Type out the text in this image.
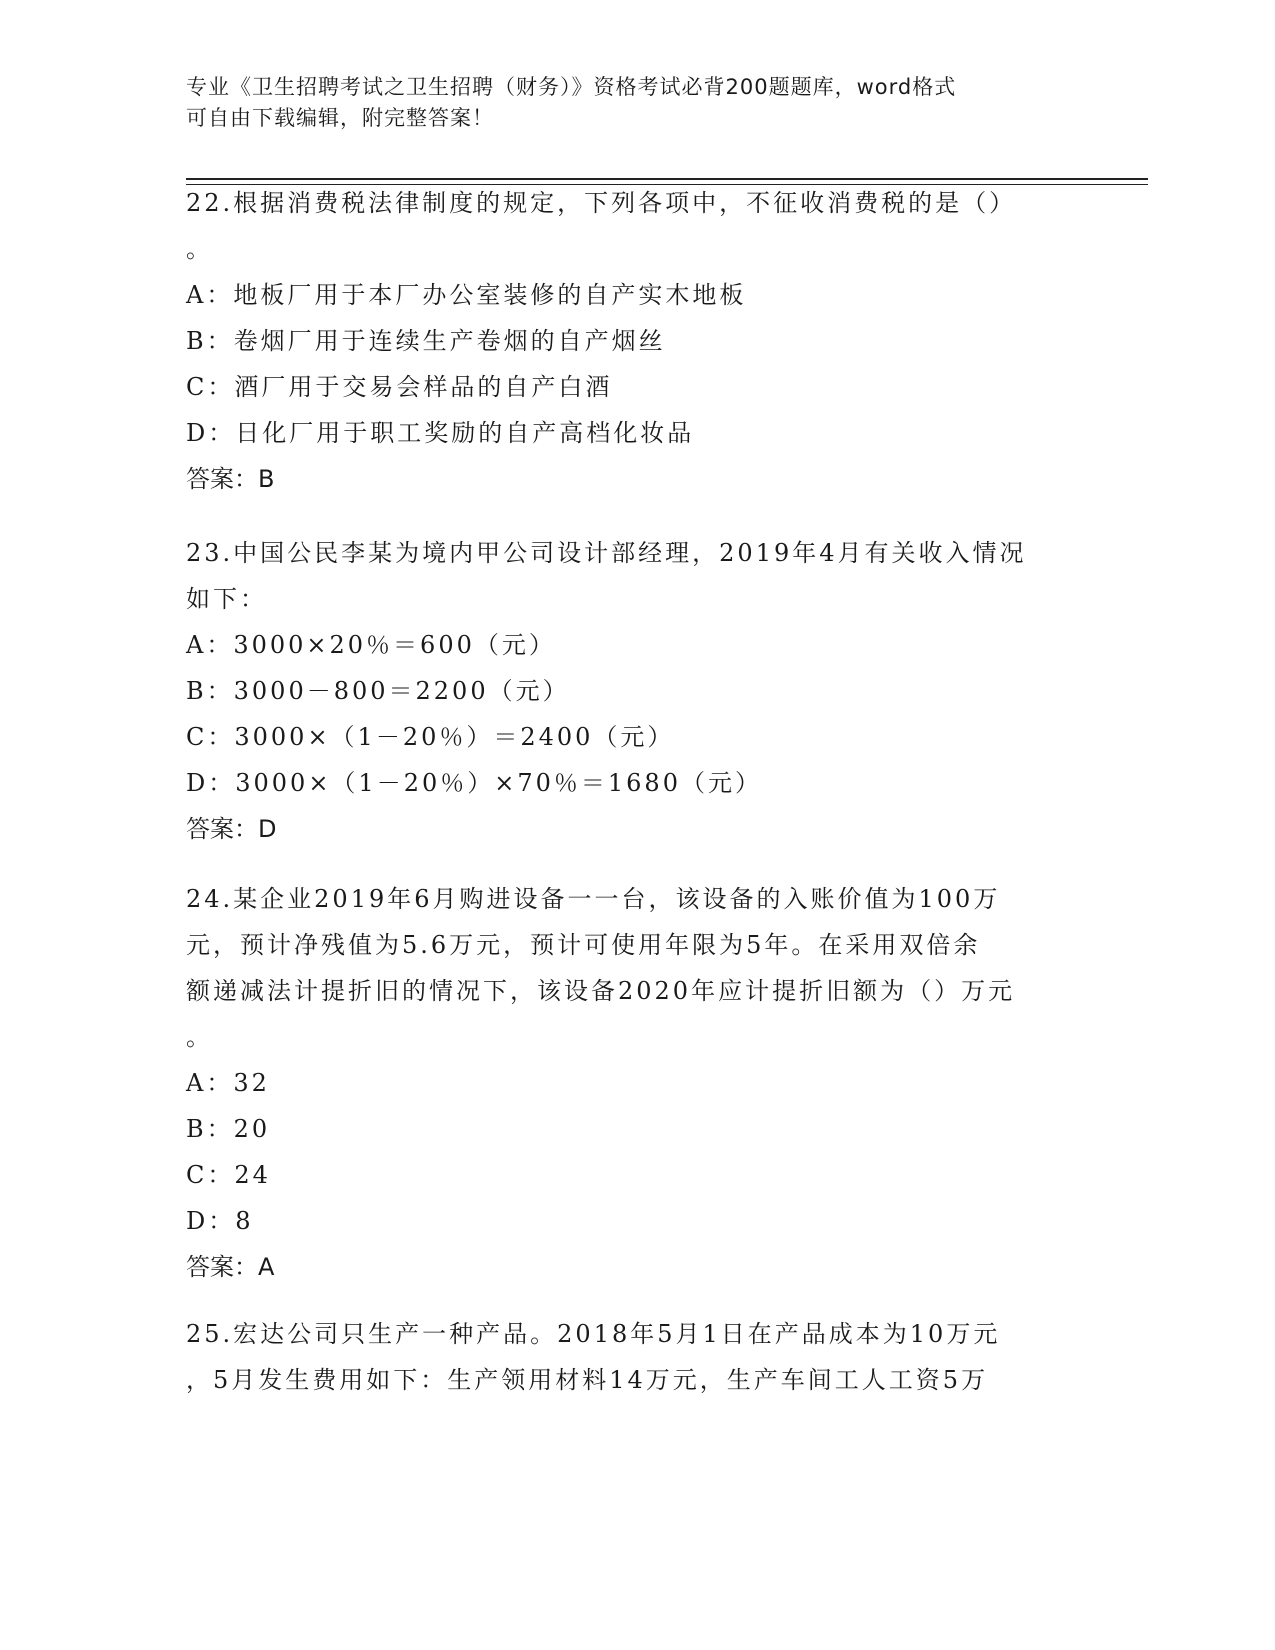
专业《卫生招聘考试之卫生招聘（财务）》资格考试必背200题题库，word格式
可自由下载编辑，附完整答案！
22.根据消费税法律制度的规定，下列各项中，不征收消费税的是（）
。
A：地板厂用于本厂办公室装修的自产实木地板
B：卷烟厂用于连续生产卷烟的自产烟丝
C：酒厂用于交易会样品的自产白酒
D：日化厂用于职工奖励的自产高档化妆品
答案：B
23.中国公民李某为境内甲公司设计部经理，2019年4月有关收入情况
如下：
A：3000×20％＝600（元）
B：3000－800＝2200（元）
C：3000×（1－20％）＝2400（元）
D：3000×（1－20％）×70％＝1680（元）
答案：D
24.某企业2019年6月购进设备一一台，该设备的入账价值为100万
元，预计净残值为5.6万元，预计可使用年限为5年。在采用双倍余
额递减法计提折旧的情况下，该设备2020年应计提折旧额为（）万元
。
A：32
B：20
C：24
D：8
答案：A
25.宏达公司只生产一种产品。2018年5月1日在产品成本为10万元
，5月发生费用如下：生产领用材料14万元，生产车间工人工资5万
